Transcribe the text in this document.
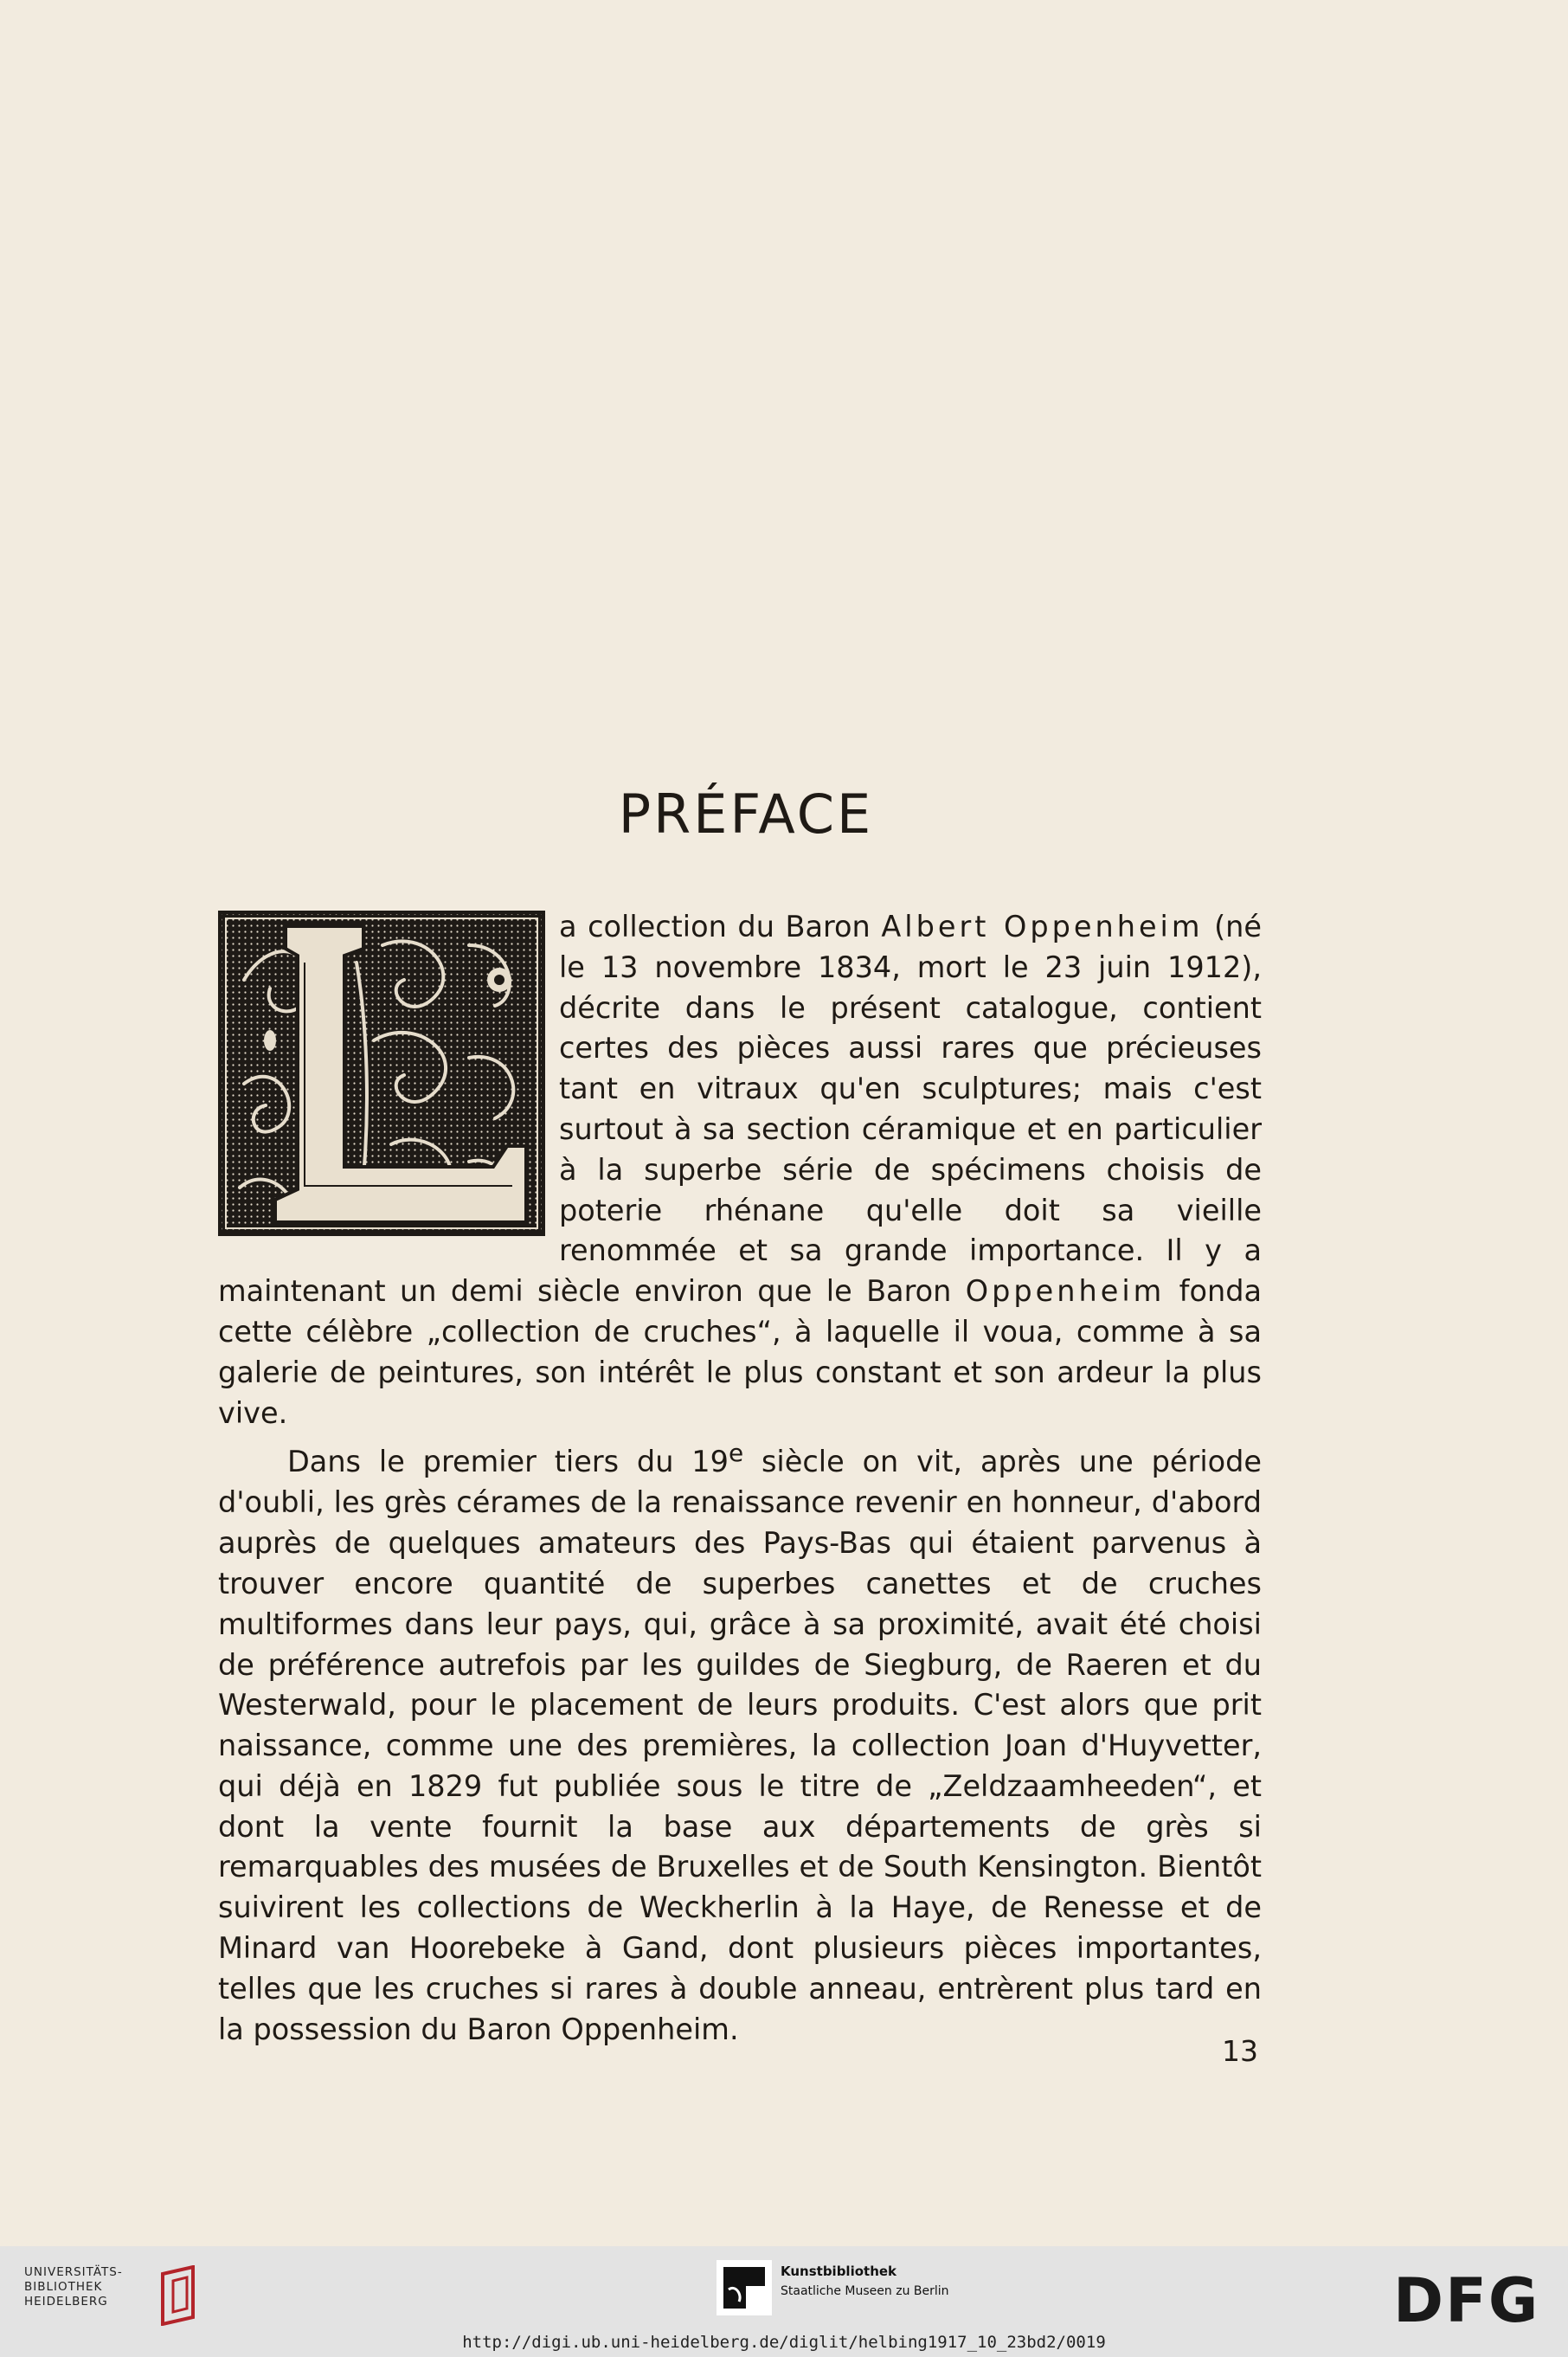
PRÉFACE

a collection du Baron Albert Oppenheim (né le 13 novembre 1834, mort le 23 juin 1912), décrite dans le présent catalogue, contient certes des pièces aussi rares que précieuses tant en vitraux qu'en sculptures; mais c'est surtout à sa section céramique et en particulier à la superbe série de spécimens choisis de poterie rhénane qu'elle doit sa vieille renommée et sa grande importance. Il y a maintenant un demi siècle environ que le Baron Oppenheim fonda cette célèbre „collection de cruches“, à laquelle il voua, comme à sa galerie de peintures, son intérêt le plus constant et son ardeur la plus vive.

Dans le premier tiers du 19e siècle on vit, après une période d'oubli, les grès cérames de la renaissance revenir en honneur, d'abord auprès de quelques amateurs des Pays-Bas qui étaient parvenus à trouver encore quantité de superbes canettes et de cruches multiformes dans leur pays, qui, grâce à sa proximité, avait été choisi de préférence autrefois par les guildes de Siegburg, de Raeren et du Westerwald, pour le placement de leurs produits. C'est alors que prit naissance, comme une des premières, la collection Joan d'Huyvetter, qui déjà en 1829 fut publiée sous le titre de „Zeldzaamheeden“, et dont la vente fournit la base aux départements de grès si remarquables des musées de Bruxelles et de South Kensington. Bientôt suivirent les collections de Weckherlin à la Haye, de Renesse et de Minard van Hoorebeke à Gand, dont plusieurs pièces importantes, telles que les cruches si rares à double anneau, entrèrent plus tard en la possession du Baron Oppenheim.

13
UNIVERSITÄTS-
BIBLIOTHEK
HEIDELBERG
Kunstbibliothek
Staatliche Museen zu Berlin	DFG
http://digi.ub.uni-heidelberg.de/diglit/helbing1917_10_23bd2/0019
